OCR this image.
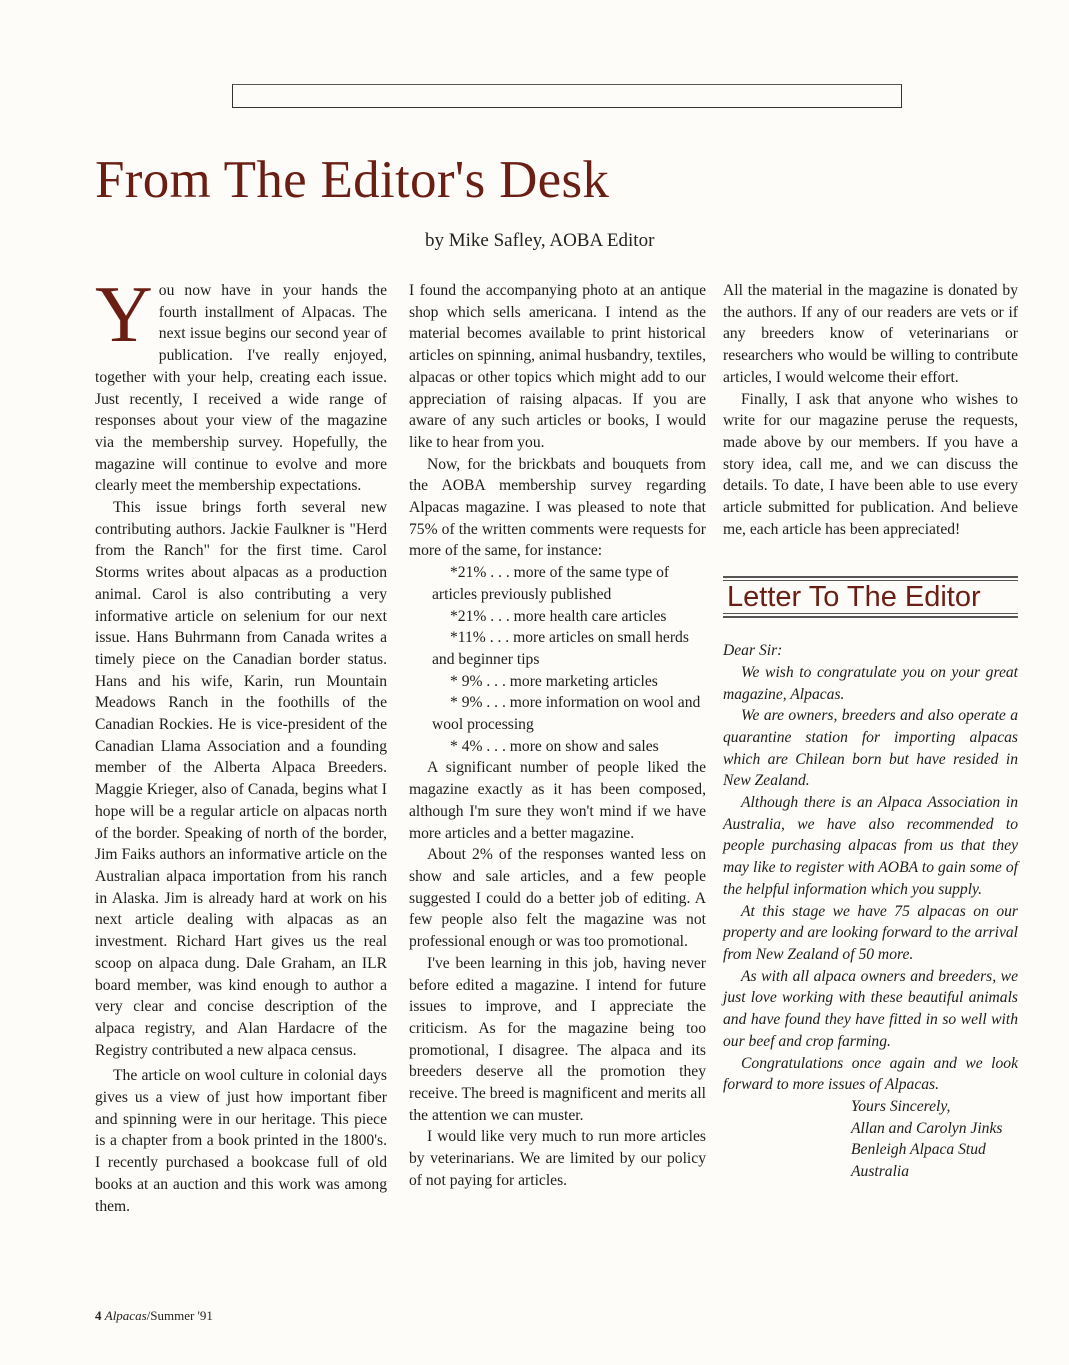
From The Editor's Desk
by Mike Safley, AOBA Editor

You now have in your hands the fourth installment of Alpacas. The next issue begins our second year of publication. I've really enjoyed, together with your help, creating each issue. Just recently, I received a wide range of responses about your view of the magazine via the membership survey. Hopefully, the magazine will continue to evolve and more clearly meet the membership expectations.

This issue brings forth several new contributing authors. Jackie Faulkner is "Herd from the Ranch" for the first time. Carol Storms writes about alpacas as a production animal. Carol is also contributing a very informative article on selenium for our next issue. Hans Buhrmann from Canada writes a timely piece on the Canadian border status. Hans and his wife, Karin, run Mountain Meadows Ranch in the foothills of the Canadian Rockies. He is vice-president of the Canadian Llama Association and a founding member of the Alberta Alpaca Breeders. Maggie Krieger, also of Canada, begins what I hope will be a regular article on alpacas north of the border. Speaking of north of the border, Jim Faiks authors an informative article on the Australian alpaca importation from his ranch in Alaska. Jim is already hard at work on his next article dealing with alpacas as an investment. Richard Hart gives us the real scoop on alpaca dung. Dale Graham, an ILR board member, was kind enough to author a very clear and concise description of the alpaca registry, and Alan Hardacre of the Registry contributed a new alpaca census.

The article on wool culture in colonial days gives us a view of just how important fiber and spinning were in our heritage. This piece is a chapter from a book printed in the 1800's. I recently purchased a bookcase full of old books at an auction and this work was among them.

I found the accompanying photo at an antique shop which sells americana. I intend as the material becomes available to print historical articles on spinning, animal husbandry, textiles, alpacas or other topics which might add to our appreciation of raising alpacas. If you are aware of any such articles or books, I would like to hear from you.

Now, for the brickbats and bouquets from the AOBA membership survey regarding Alpacas magazine. I was pleased to note that 75% of the written comments were requests for more of the same, for instance:

*21% . . . more of the same type of articles previously published

*21% . . . more health care articles

*11% . . . more articles on small herds and beginner tips

* 9% . . . more marketing articles

* 9% . . . more information on wool and wool processing

* 4% . . . more on show and sales

A significant number of people liked the magazine exactly as it has been composed, although I'm sure they won't mind if we have more articles and a better magazine.

About 2% of the responses wanted less on show and sale articles, and a few people suggested I could do a better job of editing. A few people also felt the magazine was not professional enough or was too promotional.

I've been learning in this job, having never before edited a magazine. I intend for future issues to improve, and I appreciate the criticism. As for the magazine being too promotional, I disagree. The alpaca and its breeders deserve all the promotion they receive. The breed is magnificent and merits all the attention we can muster.

I would like very much to run more articles by veterinarians. We are limited by our policy of not paying for articles.

All the material in the magazine is donated by the authors. If any of our readers are vets or if any breeders know of veterinarians or researchers who would be willing to contribute articles, I would welcome their effort.

Finally, I ask that anyone who wishes to write for our magazine peruse the requests, made above by our members. If you have a story idea, call me, and we can discuss the details. To date, I have been able to use every article submitted for publication. And believe me, each article has been appreciated!

Letter To The Editor

Dear Sir:

We wish to congratulate you on your great magazine, Alpacas.

We are owners, breeders and also operate a quarantine station for importing alpacas which are Chilean born but have resided in New Zealand.

Although there is an Alpaca Association in Australia, we have also recommended to people purchasing alpacas from us that they may like to register with AOBA to gain some of the helpful information which you supply.

At this stage we have 75 alpacas on our property and are looking forward to the arrival from New Zealand of 50 more.

As with all alpaca owners and breeders, we just love working with these beautiful animals and have found they have fitted in so well with our beef and crop farming.

Congratulations once again and we look forward to more issues of Alpacas.

Yours Sincerely,

Allan and Carolyn Jinks

Benleigh Alpaca Stud

Australia

4 Alpacas/Summer '91
